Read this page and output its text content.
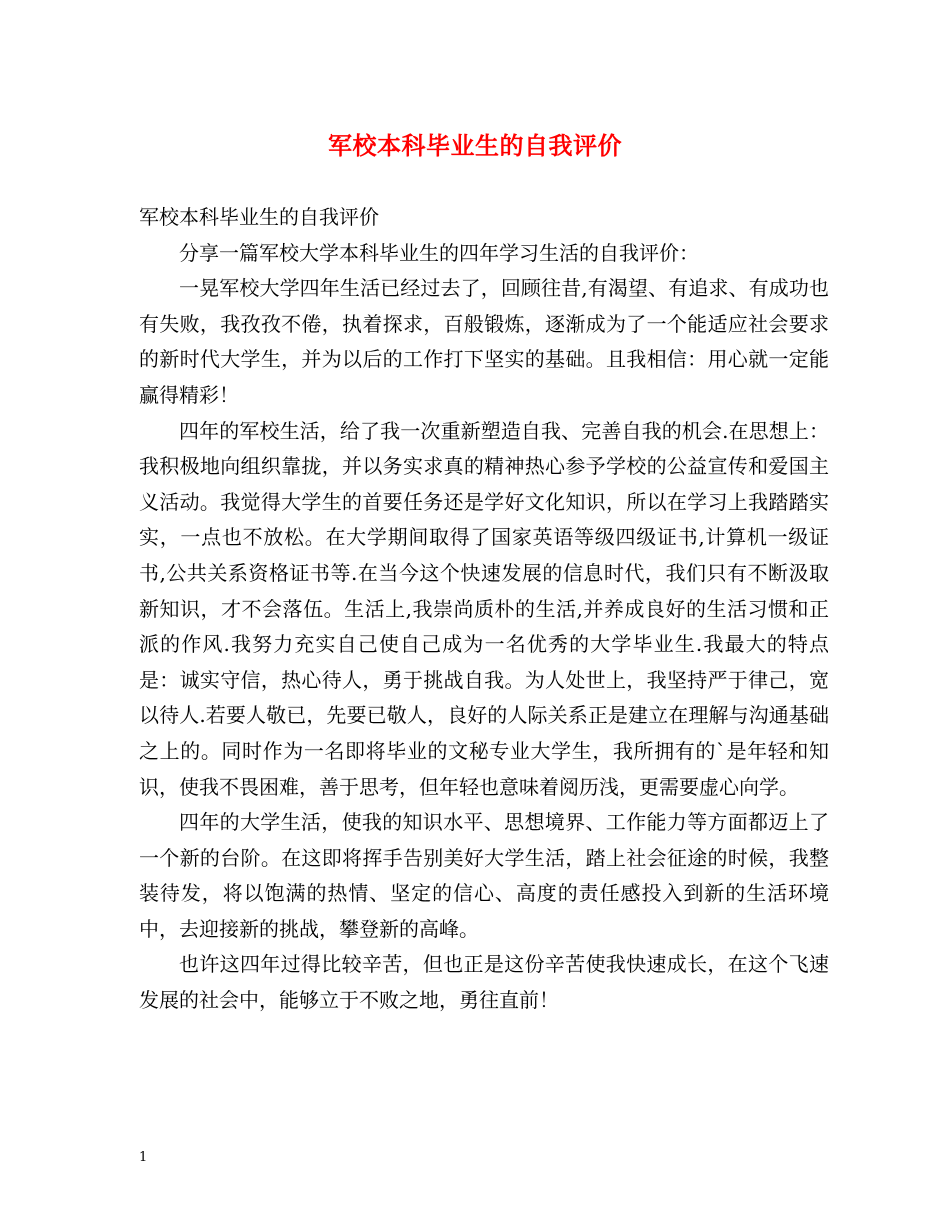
军校本科毕业生的自我评价

军校本科毕业生的自我评价

分享一篇军校大学本科毕业生的四年学习生活的自我评价：

一晃军校大学四年生活已经过去了，回顾往昔,有渴望、有追求、有成功也有失败，我孜孜不倦，执着探求，百般锻炼，逐渐成为了一个能适应社会要求的新时代大学生，并为以后的工作打下坚实的基础。且我相信：用心就一定能赢得精彩！

四年的军校生活，给了我一次重新塑造自我、完善自我的机会.在思想上：我积极地向组织靠拢，并以务实求真的精神热心参予学校的公益宣传和爱国主义活动。我觉得大学生的首要任务还是学好文化知识，所以在学习上我踏踏实实，一点也不放松。在大学期间取得了国家英语等级四级证书,计算机一级证书,公共关系资格证书等.在当今这个快速发展的信息时代，我们只有不断汲取新知识，才不会落伍。生活上,我崇尚质朴的生活,并养成良好的生活习惯和正派的作风.我努力充实自己使自己成为一名优秀的大学毕业生.我最大的特点是：诚实守信，热心待人，勇于挑战自我。为人处世上，我坚持严于律己，宽以待人.若要人敬已，先要已敬人，良好的人际关系正是建立在理解与沟通基础之上的。同时作为一名即将毕业的文秘专业大学生，我所拥有的`是年轻和知识，使我不畏困难，善于思考，但年轻也意味着阅历浅，更需要虚心向学。

四年的大学生活，使我的知识水平、思想境界、工作能力等方面都迈上了一个新的台阶。在这即将挥手告别美好大学生活，踏上社会征途的时候，我整装待发，将以饱满的热情、坚定的信心、高度的责任感投入到新的生活环境中，去迎接新的挑战，攀登新的高峰。

也许这四年过得比较辛苦，但也正是这份辛苦使我快速成长，在这个飞速发展的社会中，能够立于不败之地，勇往直前！

1
